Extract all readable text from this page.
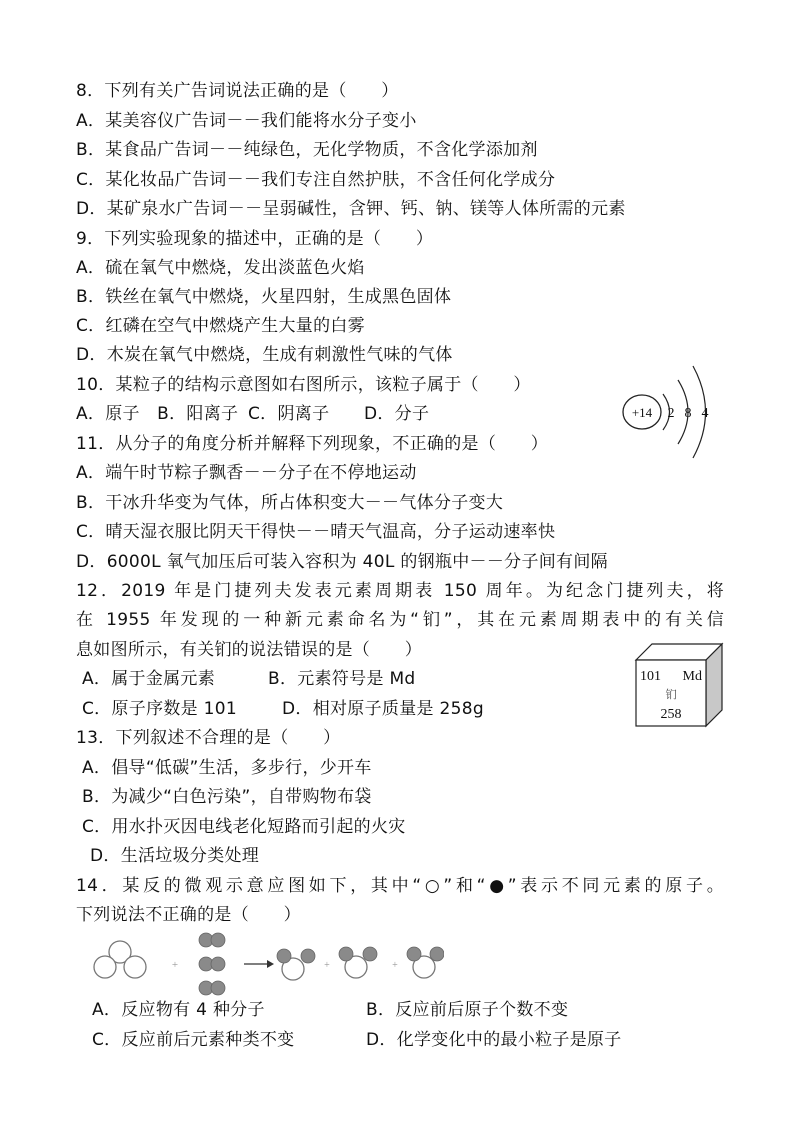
8．下列有关广告词说法正确的是（　　）
A．某美容仪广告词－－我们能将水分子变小
B．某食品广告词－－纯绿色，无化学物质，不含化学添加剂
C．某化妆品广告词－－我们专注自然护肤，不含任何化学成分
D．某矿泉水广告词－－呈弱碱性，含钾、钙、钠、镁等人体所需的元素
9．下列实验现象的描述中，正确的是（　　）
A．硫在氧气中燃烧，发出淡蓝色火焰
B．铁丝在氧气中燃烧，火星四射，生成黑色固体
C．红磷在空气中燃烧产生大量的白雾
D．木炭在氧气中燃烧，生成有刺激性气味的气体
10．某粒子的结构示意图如右图所示，该粒子属于（　　）
A．原子　B．阳离子 C．阴离子　　D．分子	+14 2 8 4
11．从分子的角度分析并解释下列现象，不正确的是（　　）
A．端午时节粽子飘香－－分子在不停地运动
B．干冰升华变为气体，所占体积变大－－气体分子变大
C．晴天湿衣服比阴天干得快－－晴天气温高，分子运动速率快
D．6000L 氧气加压后可装入容积为 40L 的钢瓶中－－分子间有间隔
12．2019 年是门捷列夫发表元素周期表 150 周年。为纪念门捷列夫，将
在 1955 年发现的一种新元素命名为“钔”，其在元素周期表中的有关信
息如图所示，有关钔的说法错误的是（　　）
A．属于金属元素	B．元素符号是 Md
C．原子序数是 101	D．相对原子质量是 258g
101 Md
钔
258
13．下列叙述不合理的是（　　）
A．倡导“低碳”生活，多步行，少开车
B．为减少“白色污染”，自带购物布袋
C．用水扑灭因电线老化短路而引起的火灾
D．生活垃圾分类处理
14．某反的微观示意应图如下，其中“○”和“●”表示不同元素的原子。
下列说法不正确的是（　　）
+	+	+
A．反应物有 4 种分子	B．反应前后原子个数不变
C．反应前后元素种类不变	D．化学变化中的最小粒子是原子
